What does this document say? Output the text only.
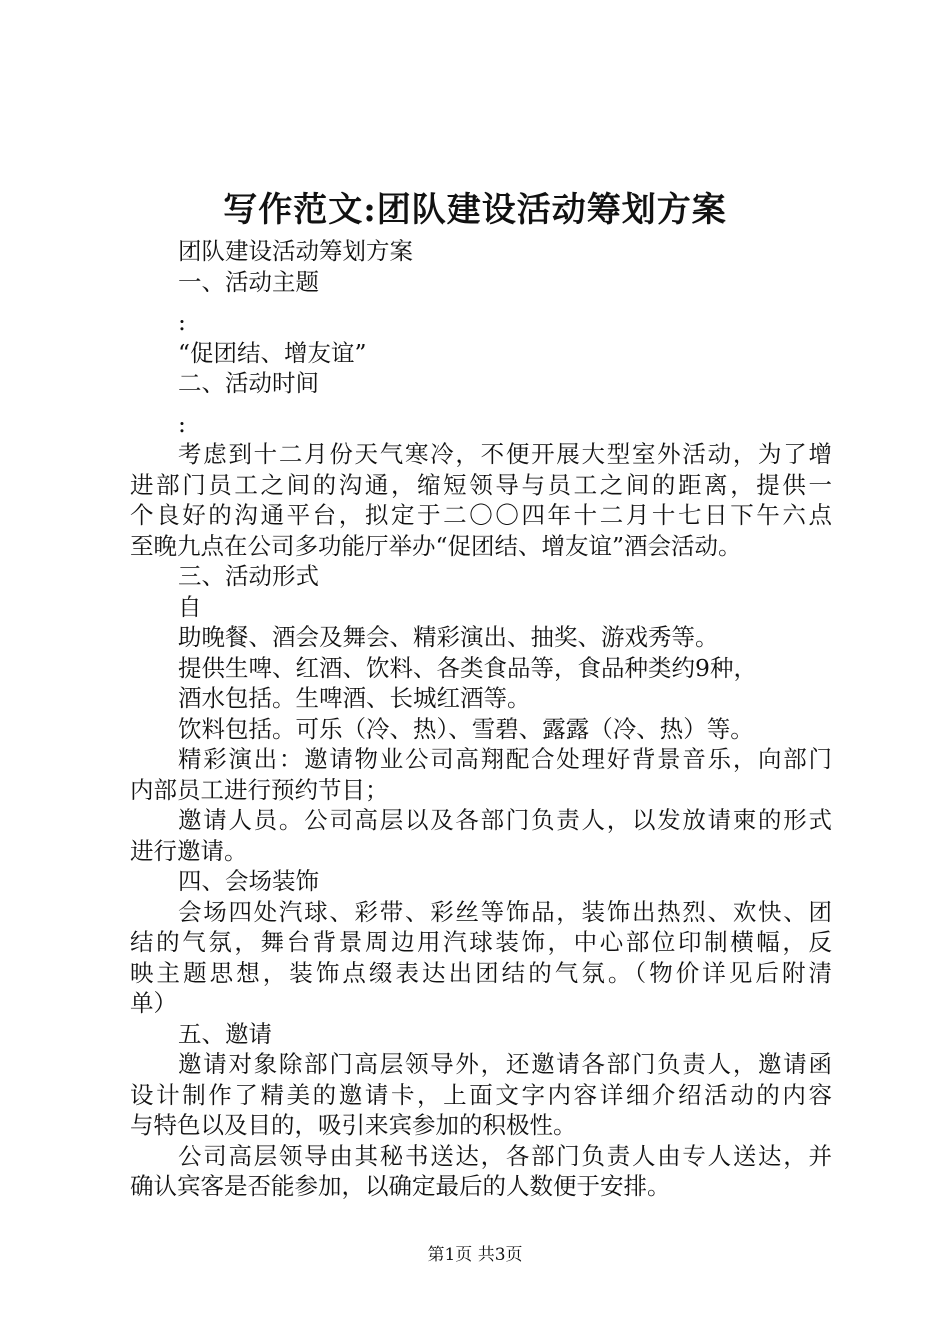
写作范文:团队建设活动筹划方案
团队建设活动筹划方案
一、活动主题
:
“促团结、增友谊”
二、活动时间
:
考虑到十二月份天气寒冷，不便开展大型室外活动，为了增
进部门员工之间的沟通，缩短领导与员工之间的距离，提供一
个良好的沟通平台，拟定于二〇〇四年十二月十七日下午六点
至晚九点在公司多功能厅举办“促团结、增友谊”酒会活动。
三、活动形式
自
助晚餐、酒会及舞会、精彩演出、抽奖、游戏秀等。
提供生啤、红酒、饮料、各类食品等，食品种类约9种，
酒水包括。生啤酒、长城红酒等。
饮料包括。可乐（冷、热）、雪碧、露露（冷、热）等。
精彩演出：邀请物业公司高翔配合处理好背景音乐，向部门
内部员工进行预约节目；
邀请人员。公司高层以及各部门负责人，以发放请柬的形式
进行邀请。
四、会场装饰
会场四处汽球、彩带、彩丝等饰品，装饰出热烈、欢快、团
结的气氛，舞台背景周边用汽球装饰，中心部位印制横幅，反
映主题思想，装饰点缀表达出团结的气氛。（物价详见后附清
单）
五、邀请
邀请对象除部门高层领导外，还邀请各部门负责人，邀请函
设计制作了精美的邀请卡，上面文字内容详细介绍活动的内容
与特色以及目的，吸引来宾参加的积极性。
公司高层领导由其秘书送达，各部门负责人由专人送达，并
确认宾客是否能参加，以确定最后的人数便于安排。
第1页 共3页
